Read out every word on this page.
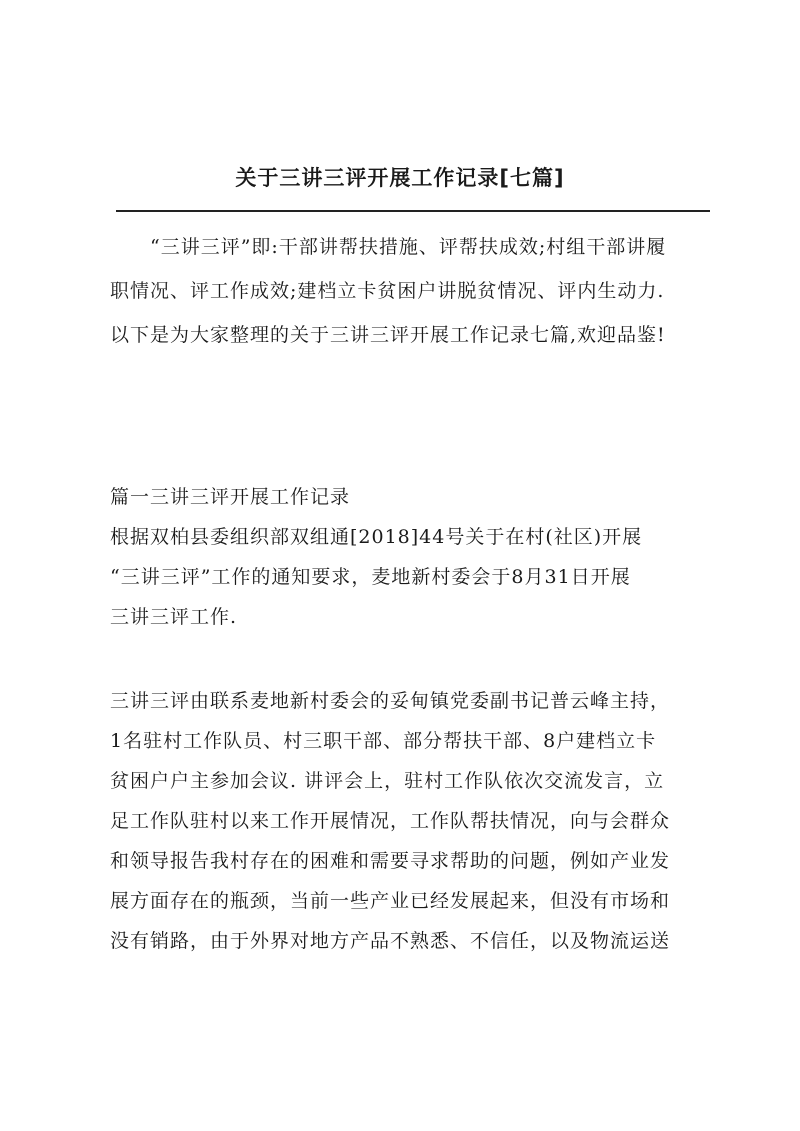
关于三讲三评开展工作记录[七篇]
　　“三讲三评”即:干部讲帮扶措施、评帮扶成效;村组干部讲履
职情况、评工作成效;建档立卡贫困户讲脱贫情况、评内生动力.
以下是为大家整理的关于三讲三评开展工作记录七篇,欢迎品鉴!
篇一三讲三评开展工作记录
根据双柏县委组织部双组通[2018]44号关于在村(社区)开展
“三讲三评”工作的通知要求，麦地新村委会于8月31日开展
三讲三评工作.
三讲三评由联系麦地新村委会的妥甸镇党委副书记普云峰主持，
1名驻村工作队员、村三职干部、部分帮扶干部、8户建档立卡
贫困户户主参加会议. 讲评会上，驻村工作队依次交流发言，立
足工作队驻村以来工作开展情况，工作队帮扶情况，向与会群众
和领导报告我村存在的困难和需要寻求帮助的问题，例如产业发
展方面存在的瓶颈，当前一些产业已经发展起来，但没有市场和
没有销路，由于外界对地方产品不熟悉、不信任，以及物流运送
